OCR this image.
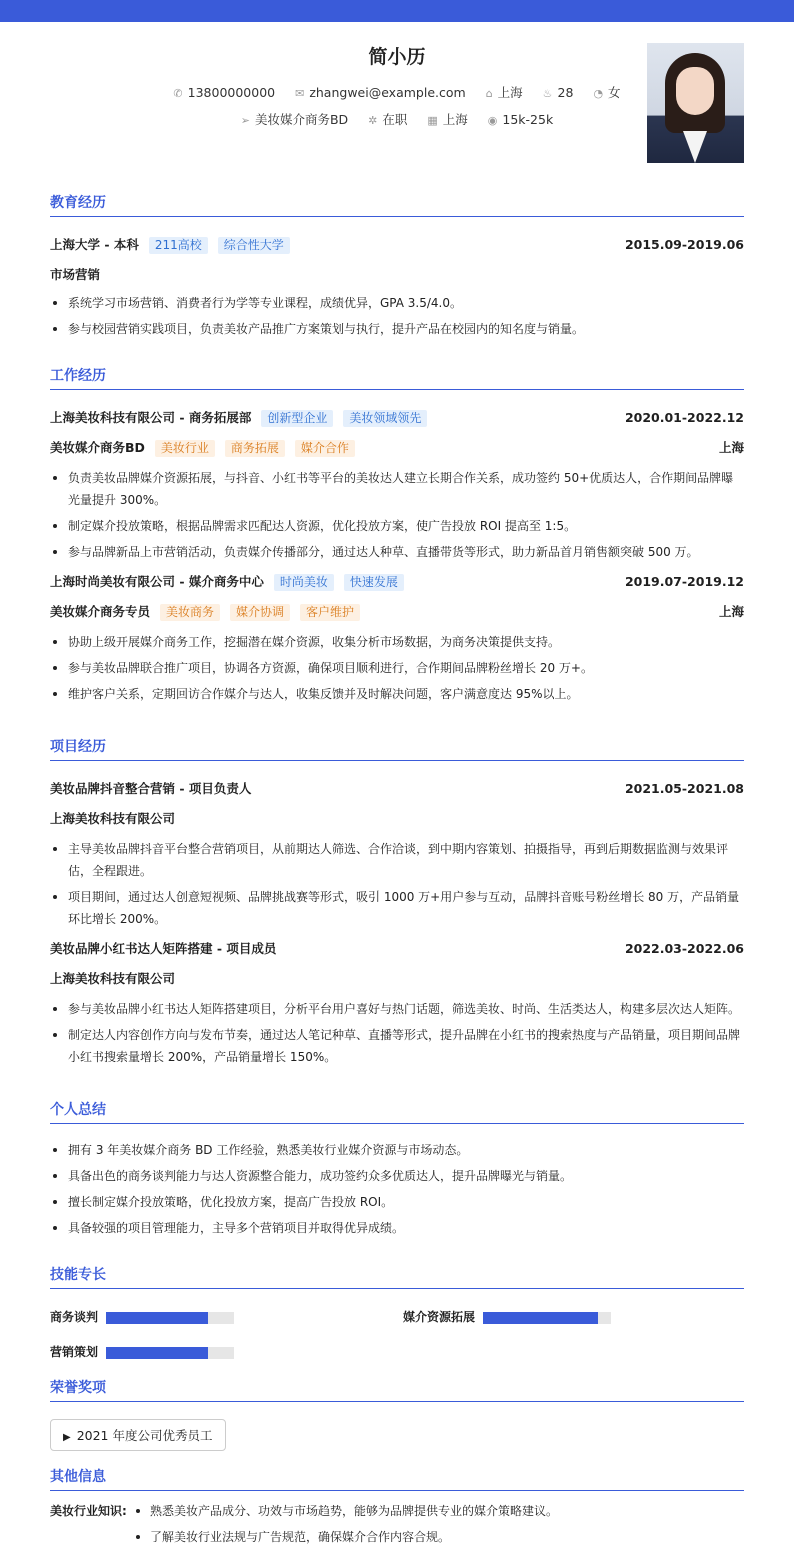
简小历
✆ 13800000000 ✉ zhangwei@example.com ⌂ 上海 ♨ 28 ◔ 女
➢ 美妆媒介商务BD ✲ 在职 ▦ 上海 ◉ 15k-25k
教育经历
上海大学 - 本科 211高校 综合性大学	2015.09-2019.06
市场营销
系统学习市场营销、消费者行为学等专业课程，成绩优异，GPA 3.5/4.0。
参与校园营销实践项目，负责美妆产品推广方案策划与执行，提升产品在校园内的知名度与销量。
工作经历
上海美妆科技有限公司 - 商务拓展部 创新型企业 美妆领域领先	2020.01-2022.12
美妆媒介商务BD 美妆行业 商务拓展 媒介合作	上海
负责美妆品牌媒介资源拓展，与抖音、小红书等平台的美妆达人建立长期合作关系，成功签约 50+优质达人，合作期间品牌曝光量提升 300%。
制定媒介投放策略，根据品牌需求匹配达人资源，优化投放方案，使广告投放 ROI 提高至 1:5。
参与品牌新品上市营销活动，负责媒介传播部分，通过达人种草、直播带货等形式，助力新品首月销售额突破 500 万。
上海时尚美妆有限公司 - 媒介商务中心 时尚美妆 快速发展	2019.07-2019.12
美妆媒介商务专员 美妆商务 媒介协调 客户维护	上海
协助上级开展媒介商务工作，挖掘潜在媒介资源，收集分析市场数据，为商务决策提供支持。
参与美妆品牌联合推广项目，协调各方资源，确保项目顺利进行，合作期间品牌粉丝增长 20 万+。
维护客户关系，定期回访合作媒介与达人，收集反馈并及时解决问题，客户满意度达 95%以上。
项目经历
美妆品牌抖音整合营销 - 项目负责人	2021.05-2021.08
上海美妆科技有限公司
主导美妆品牌抖音平台整合营销项目，从前期达人筛选、合作洽谈，到中期内容策划、拍摄指导，再到后期数据监测与效果评估，全程跟进。
项目期间，通过达人创意短视频、品牌挑战赛等形式，吸引 1000 万+用户参与互动，品牌抖音账号粉丝增长 80 万，产品销量环比增长 200%。
美妆品牌小红书达人矩阵搭建 - 项目成员	2022.03-2022.06
上海美妆科技有限公司
参与美妆品牌小红书达人矩阵搭建项目，分析平台用户喜好与热门话题，筛选美妆、时尚、生活类达人，构建多层次达人矩阵。
制定达人内容创作方向与发布节奏，通过达人笔记种草、直播等形式，提升品牌在小红书的搜索热度与产品销量，项目期间品牌小红书搜索量增长 200%，产品销量增长 150%。
个人总结
拥有 3 年美妆媒介商务 BD 工作经验，熟悉美妆行业媒介资源与市场动态。
具备出色的商务谈判能力与达人资源整合能力，成功签约众多优质达人，提升品牌曝光与销量。
擅长制定媒介投放策略，优化投放方案，提高广告投放 ROI。
具备较强的项目管理能力，主导多个营销项目并取得优异成绩。
技能专长
商务谈判	媒介资源拓展
营销策划
荣誉奖项
▶ 2021 年度公司优秀员工
其他信息
美妆行业知识:	熟悉美妆产品成分、功效与市场趋势，能够为品牌提供专业的媒介策略建议。
了解美妆行业法规与广告规范，确保媒介合作内容合规。
